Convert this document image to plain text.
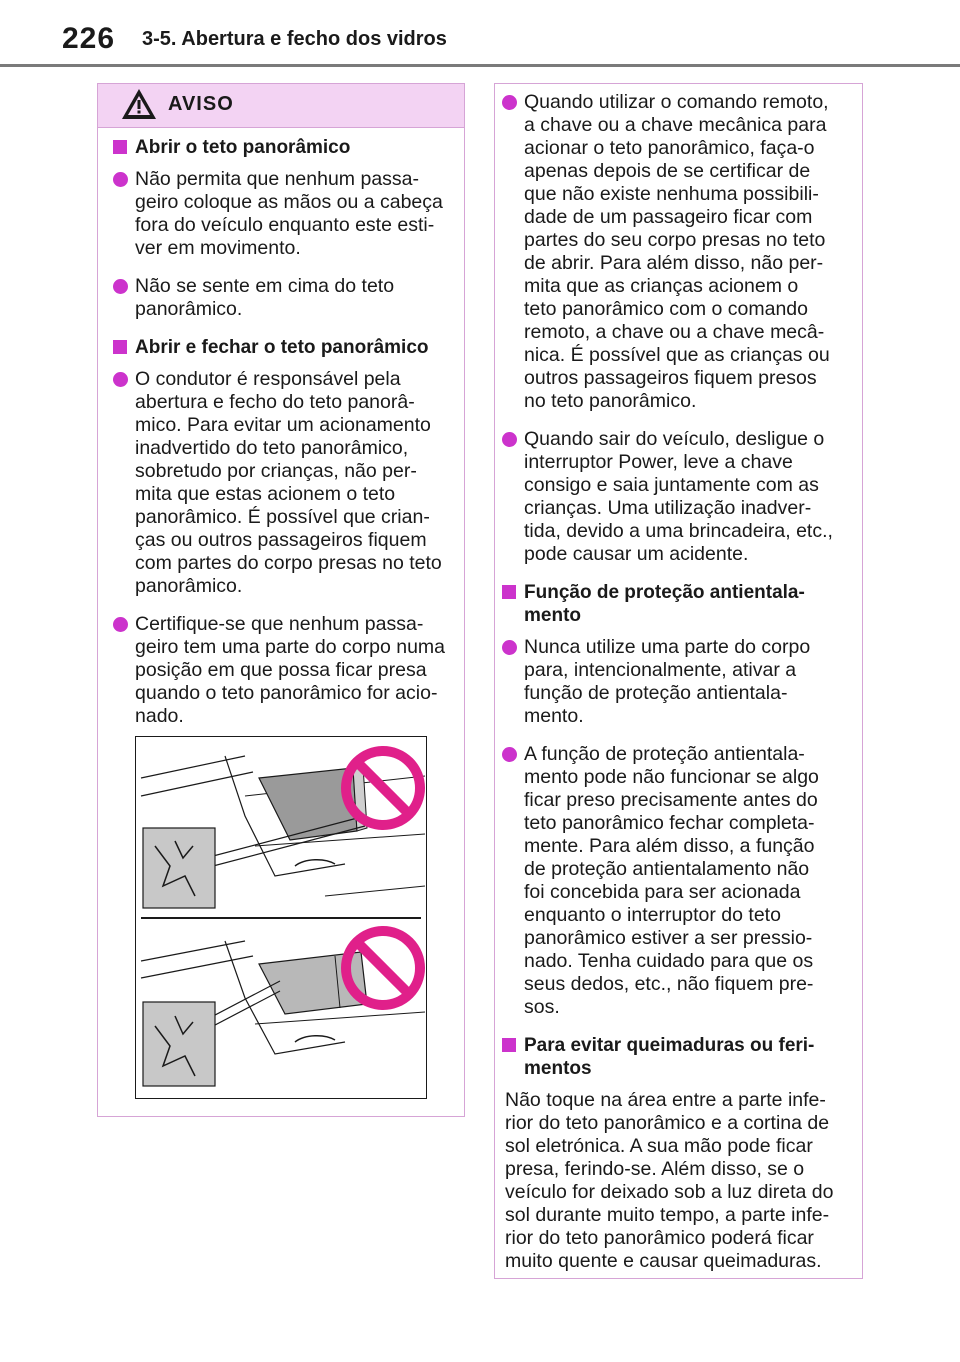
226 3-5. Abertura e fecho dos vidros
AVISO
Abrir o teto panorâmico
Não permita que nenhum passa-
geiro coloque as mãos ou a cabeça
fora do veículo enquanto este esti-
ver em movimento.
Não se sente em cima do teto
panorâmico.
Abrir e fechar o teto panorâmico
O condutor é responsável pela
abertura e fecho do teto panorâ-
mico. Para evitar um acionamento
inadvertido do teto panorâmico,
sobretudo por crianças, não per-
mita que estas acionem o teto
panorâmico. É possível que crian-
ças ou outros passageiros fiquem
com partes do corpo presas no teto
panorâmico.
Certifique-se que nenhum passa-
geiro tem uma parte do corpo numa
posição em que possa ficar presa
quando o teto panorâmico for acio-
nado.
Quando utilizar o comando remoto,
a chave ou a chave mecânica para
acionar o teto panorâmico, faça-o
apenas depois de se certificar de
que não existe nenhuma possibili-
dade de um passageiro ficar com
partes do seu corpo presas no teto
de abrir. Para além disso, não per-
mita que as crianças acionem o
teto panorâmico com o comando
remoto, a chave ou a chave mecâ-
nica. É possível que as crianças ou
outros passageiros fiquem presos
no teto panorâmico.
Quando sair do veículo, desligue o
interruptor Power, leve a chave
consigo e saia juntamente com as
crianças. Uma utilização inadver-
tida, devido a uma brincadeira, etc.,
pode causar um acidente.
Função de proteção antientala-
mento
Nunca utilize uma parte do corpo
para, intencionalmente, ativar a
função de proteção antientala-
mento.
A função de proteção antientala-
mento pode não funcionar se algo
ficar preso precisamente antes do
teto panorâmico fechar completa-
mente. Para além disso, a função
de proteção antientalamento não
foi concebida para ser acionada
enquanto o interruptor do teto
panorâmico estiver a ser pressio-
nado. Tenha cuidado para que os
seus dedos, etc., não fiquem pre-
sos.
Para evitar queimaduras ou feri-
mentos
Não toque na área entre a parte infe-
rior do teto panorâmico e a cortina de
sol eletrónica. A sua mão pode ficar
presa, ferindo-se. Além disso, se o
veículo for deixado sob a luz direta do
sol durante muito tempo, a parte infe-
rior do teto panorâmico poderá ficar
muito quente e causar queimaduras.
